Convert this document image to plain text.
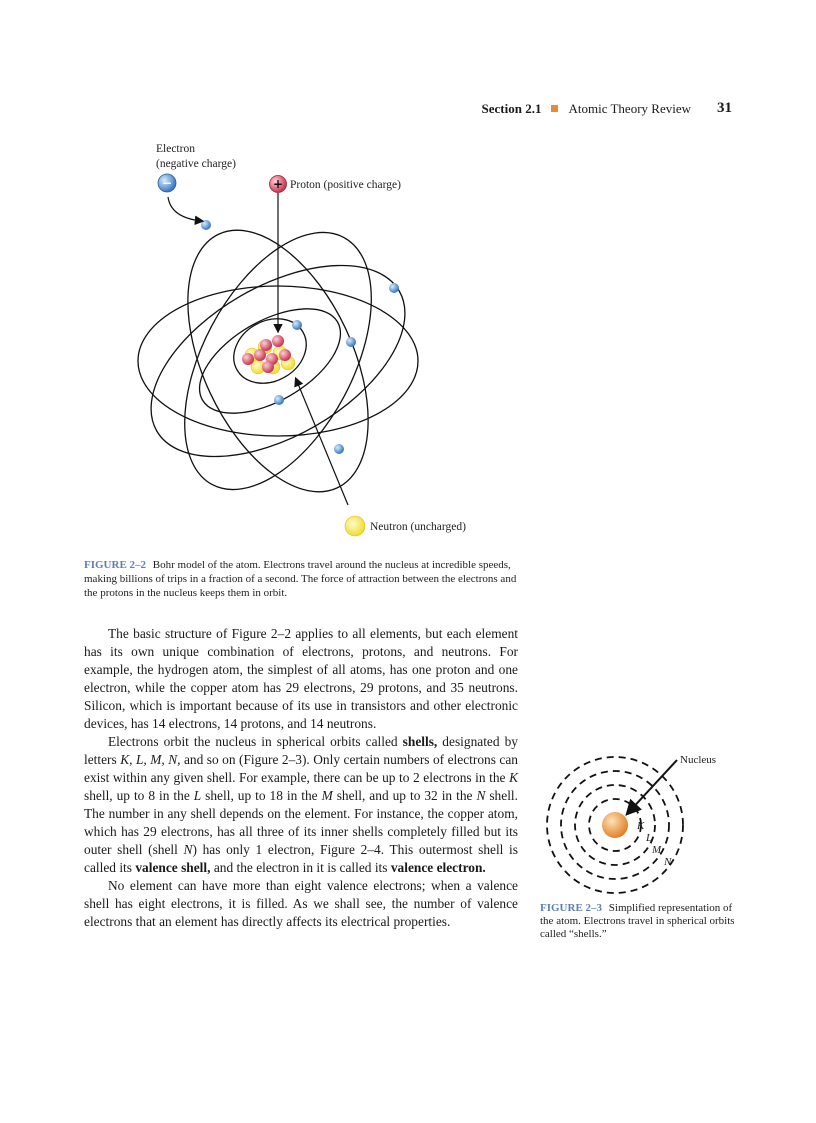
Section 2.1 Atomic Theory Review 31
Electron
(negative charge)
−	+ Proton (positive charge)
Neutron (uncharged)
FIGURE 2–2 Bohr model of the atom. Electrons travel around the nucleus at incredible speeds, making billions of trips in a fraction of a second. The force of attraction between the electrons and the protons in the nucleus keeps them in orbit.

The basic structure of Figure 2–2 applies to all elements, but each element has its own unique combination of electrons, protons, and neutrons. For example, the hydrogen atom, the simplest of all atoms, has one proton and one electron, while the copper atom has 29 electrons, 29 protons, and 35 neutrons. Silicon, which is important because of its use in transistors and other electronic devices, has 14 electrons, 14 protons, and 14 neutrons.

Electrons orbit the nucleus in spherical orbits called shells, designated by letters K, L, M, N, and so on (Figure 2–3). Only certain numbers of electrons can exist within any given shell. For example, there can be up to 2 electrons in the K shell, up to 8 in the L shell, up to 18 in the M shell, and up to 32 in the N shell. The number in any shell depends on the element. For instance, the copper atom, which has 29 electrons, has all three of its inner shells completely filled but its outer shell (shell N) has only 1 electron, Figure 2–4. This outermost shell is called its valence shell, and the electron in it is called its valence electron.

No element can have more than eight valence electrons; when a valence shell has eight electrons, it is filled. As we shall see, the number of valence electrons that an element has directly affects its electrical properties.

Nucleus
K
L
M
N
FIGURE 2–3 Simplified representation of the atom. Electrons travel in spherical orbits called “shells.”
